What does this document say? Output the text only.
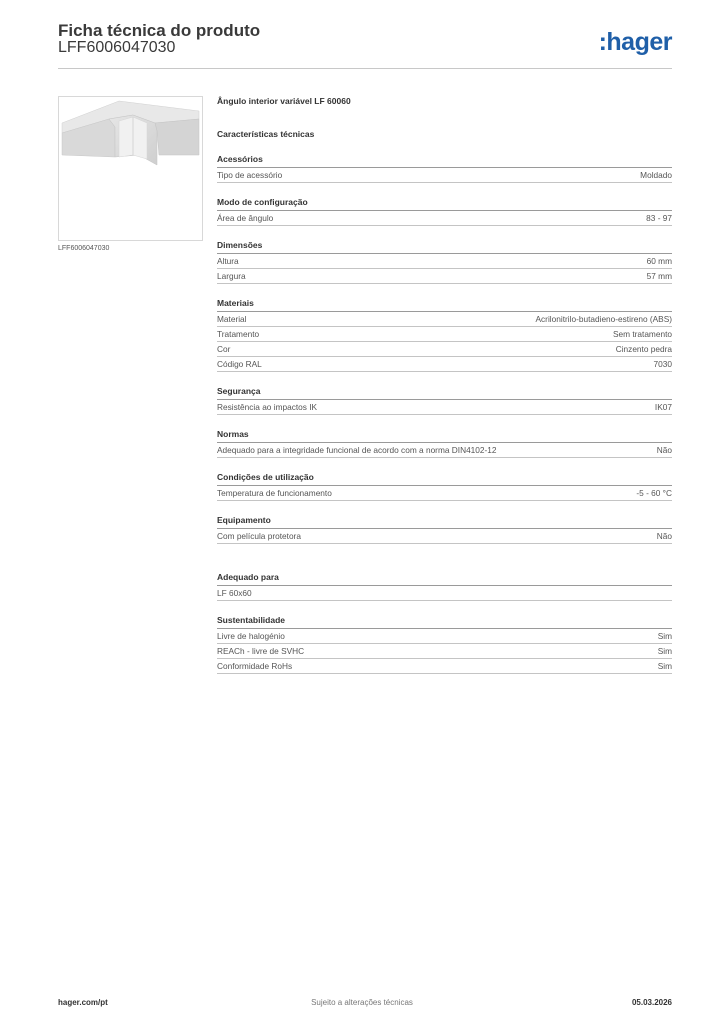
Ficha técnica do produto
LFF6006047030	:hager
LFF6006047030
Ângulo interior variável LF 60060
Características técnicas
Acessórios
Tipo de acessório	Moldado
Modo de configuração
Área de ângulo	83 - 97
Dimensões
Altura	60 mm
Largura	57 mm
Materiais
Material	Acrilonitrilo-butadieno-estireno (ABS)
Tratamento	Sem tratamento
Cor	Cinzento pedra
Código RAL	7030
Segurança
Resistência ao impactos IK	IK07
Normas
Adequado para a integridade funcional de acordo com a norma DIN4102-12	Não
Condições de utilização
Temperatura de funcionamento	-5 - 60 °C
Equipamento
Com película protetora	Não
Adequado para
LF 60x60
Sustentabilidade
Livre de halogénio	Sim
REACh - livre de SVHC	Sim
Conformidade RoHs	Sim
hager.com/pt	Sujeito a alterações técnicas	05.03.2026
